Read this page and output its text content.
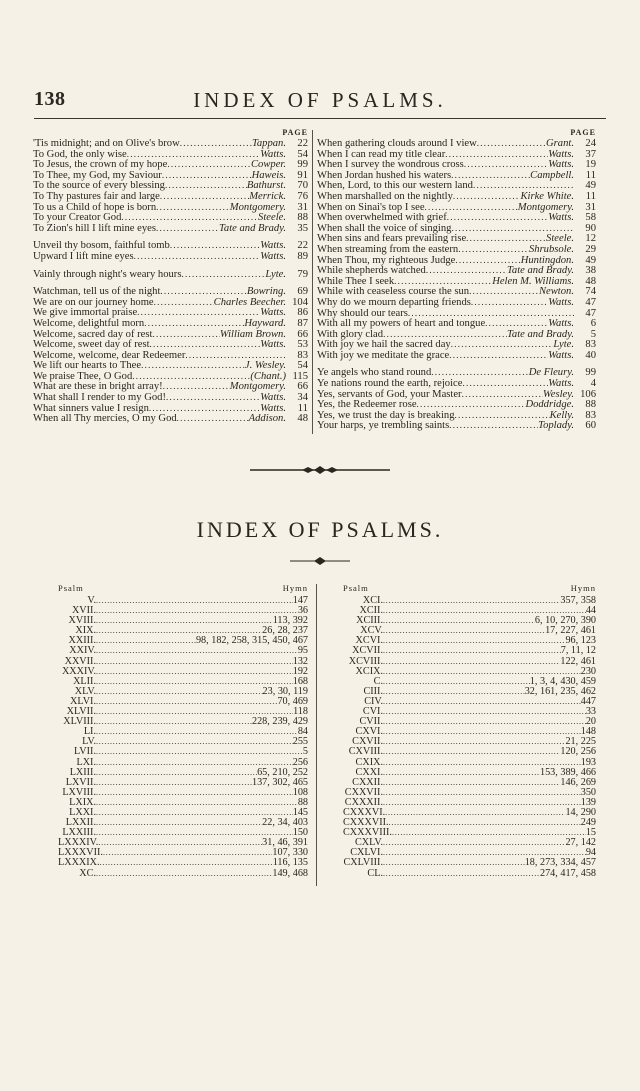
138	INDEX OF PSALMS.
PAGE
'Tis midnight; and on Olive's brow . . .	Tappan.	22
To God, the only wise . . .	Watts.	54
To Jesus, the crown of my hope . . .	Cowper.	99
To Thee, my God, my Saviour . . .	Haweis.	91
To the source of every blessing . . .	Bathurst.	70
To Thy pastures fair and large . . .	Merrick.	76
To us a Child of hope is born . . .	Montgomery.	31
To your Creator God . . .	Steele.	88
To Zion's hill I lift mine eyes . . .	Tate and Brady.	35
Unveil thy bosom, faithful tomb . . .	Watts.	22
Upward I lift mine eyes . . .	Watts.	89
Vainly through night's weary hours . . .	Lyte.	79
Watchman, tell us of the night . . .	Bowring.	69
We are on our journey home . . .	Charles Beecher. 104
We give immortal praise . . .	Watts.	86
Welcome, delightful morn . . .	Hayward.	87
Welcome, sacred day of rest . . .	William Brown.	66
Welcome, sweet day of rest . . .	Watts.	53
Welcome, welcome, dear Redeemer . . .	83
We lift our hearts to Thee . . .	J. Wesley.	54
We praise Thee, O God . . .	(Chant.) 115
What are these in bright array! . . .	Montgomery.	66
What shall I render to my God! . . .	Watts.	34
What sinners value I resign . . .	Watts.	11
When all Thy mercies, O my God . . .	Addison.	48
PAGE
When gathering clouds around I view . . .	Grant.	24
When I can read my title clear . . .	Watts.	37
When I survey the wondrous cross . . .	Watts.	19
When Jordan hushed his waters . . .	Campbell.	11
When, Lord, to this our western land . . .	49
When marshalled on the nightly . . .	Kirke White.	11
When on Sinai's top I see . . .	Montgomery.	31
When overwhelmed with grief . . .	Watts.	58
When shall the voice of singing . . .	90
When sins and fears prevailing rise . . .	Steele.	12
When streaming from the eastern . . .	Shrubsole.	29
When Thou, my righteous Judge . . .	Huntingdon.	49
While shepherds watched . . .	Tate and Brady.	38
While Thee I seek . . .	Helen M. Williams.	48
While with ceaseless course the sun . . .	Newton.	74
Why do we mourn departing friends . . .	Watts.	47
Why should our tears . . .	47
With all my powers of heart and tongue . . .	Watts.	6
With glory clad . . .	Tate and Brady.	5
With joy we hail the sacred day . . .	Lyte.	83
With joy we meditate the grace . . .	Watts.	40
Ye angels who stand round . . .	De Fleury.	99
Ye nations round the earth, rejoice . . .	Watts.	4
Yes, servants of God, your Master . . .	Wesley. 106
Yes, the Redeemer rose . . .	Doddridge.	88
Yes, we trust the day is breaking . . .	Kelly.	83
Your harps, ye trembling saints . . .	Toplady.	60
INDEX OF PSALMS.
Psalm	Hymn
V. . . .	147
XVII. . . .	36
XVIII. . . .	113, 392
XIX. . . .	26, 28, 237
XXIII. . . .	98, 182, 258, 315, 450, 467
XXIV. . . .	95
XXVII. . . .	132
XXXIV. . . .	192
XLII. . . .	168
XLV. . . .	23, 30, 119
XLVI. . . .	70, 469
XLVII. . . .	118
XLVIII. . . .	228, 239, 429
LI. . . .	84
LV. . . .	255
LVII. . . .	5
LXI. . . .	256
LXIII. . . .	65, 210, 252
LXVII. . . .	137, 302, 465
LXVIII. . . .	108
LXIX. . . .	88
LXXI. . . .	145
LXXII. . . .	22, 34, 403
LXXIII. . . .	150
LXXXIV. . . .	31, 46, 391
LXXXVII. . . .	107, 330
LXXXIX. . . .	116, 135
XC. . . .	149, 468
Psalm	Hymn
XCI. . . .	357, 358
XCII. . . .	44
XCIII. . . .	6, 10, 270, 390
XCV. . . .	17, 227, 461
XCVI. . . .	96, 123
XCVII. . . .	7, 11, 12
XCVIII. . . .	122, 461
XCIX. . . .	230
C. . . .	1, 3, 4, 430, 459
CIII. . . .	32, 161, 235, 462
CIV. . . .	447
CVI. . . .	33
CVII. . . .	20
CXVI. . . .	148
CXVII. . . .	21, 225
CXVIII. . . .	120, 256
CXIX. . . .	193
CXXI. . . .	153, 389, 466
CXXII. . . .	146, 269
CXXVII. . . .	350
CXXXII. . . .	139
CXXXVI. . . .	14, 290
CXXXVII. . . .	249
CXXXVIII. . . .	15
CXLV. . . .	27, 142
CXLVI. . . .	94
CXLVIII. . . .	18, 273, 334, 457
CL. . . .	274, 417, 458
